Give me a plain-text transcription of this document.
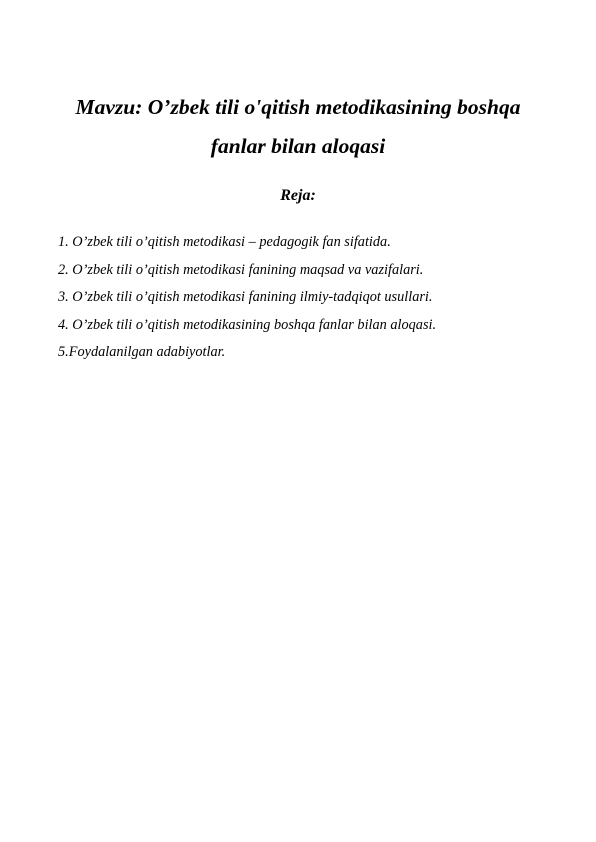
Mavzu: O’zbek tili o'qitish metodikasining boshqa
fanlar bilan aloqasi
Reja:
1. O’zbek tili o’qitish metodikasi – pedagogik fan sifatida.
2. O’zbek tili o’qitish metodikasi fanining maqsad va vazifalari.
3. O’zbek tili o’qitish metodikasi fanining ilmiy-tadqiqot usullari.
4. O’zbek tili o’qitish metodikasining boshqa fanlar bilan aloqasi.
5.Foydalanilgan adabiyotlar.
